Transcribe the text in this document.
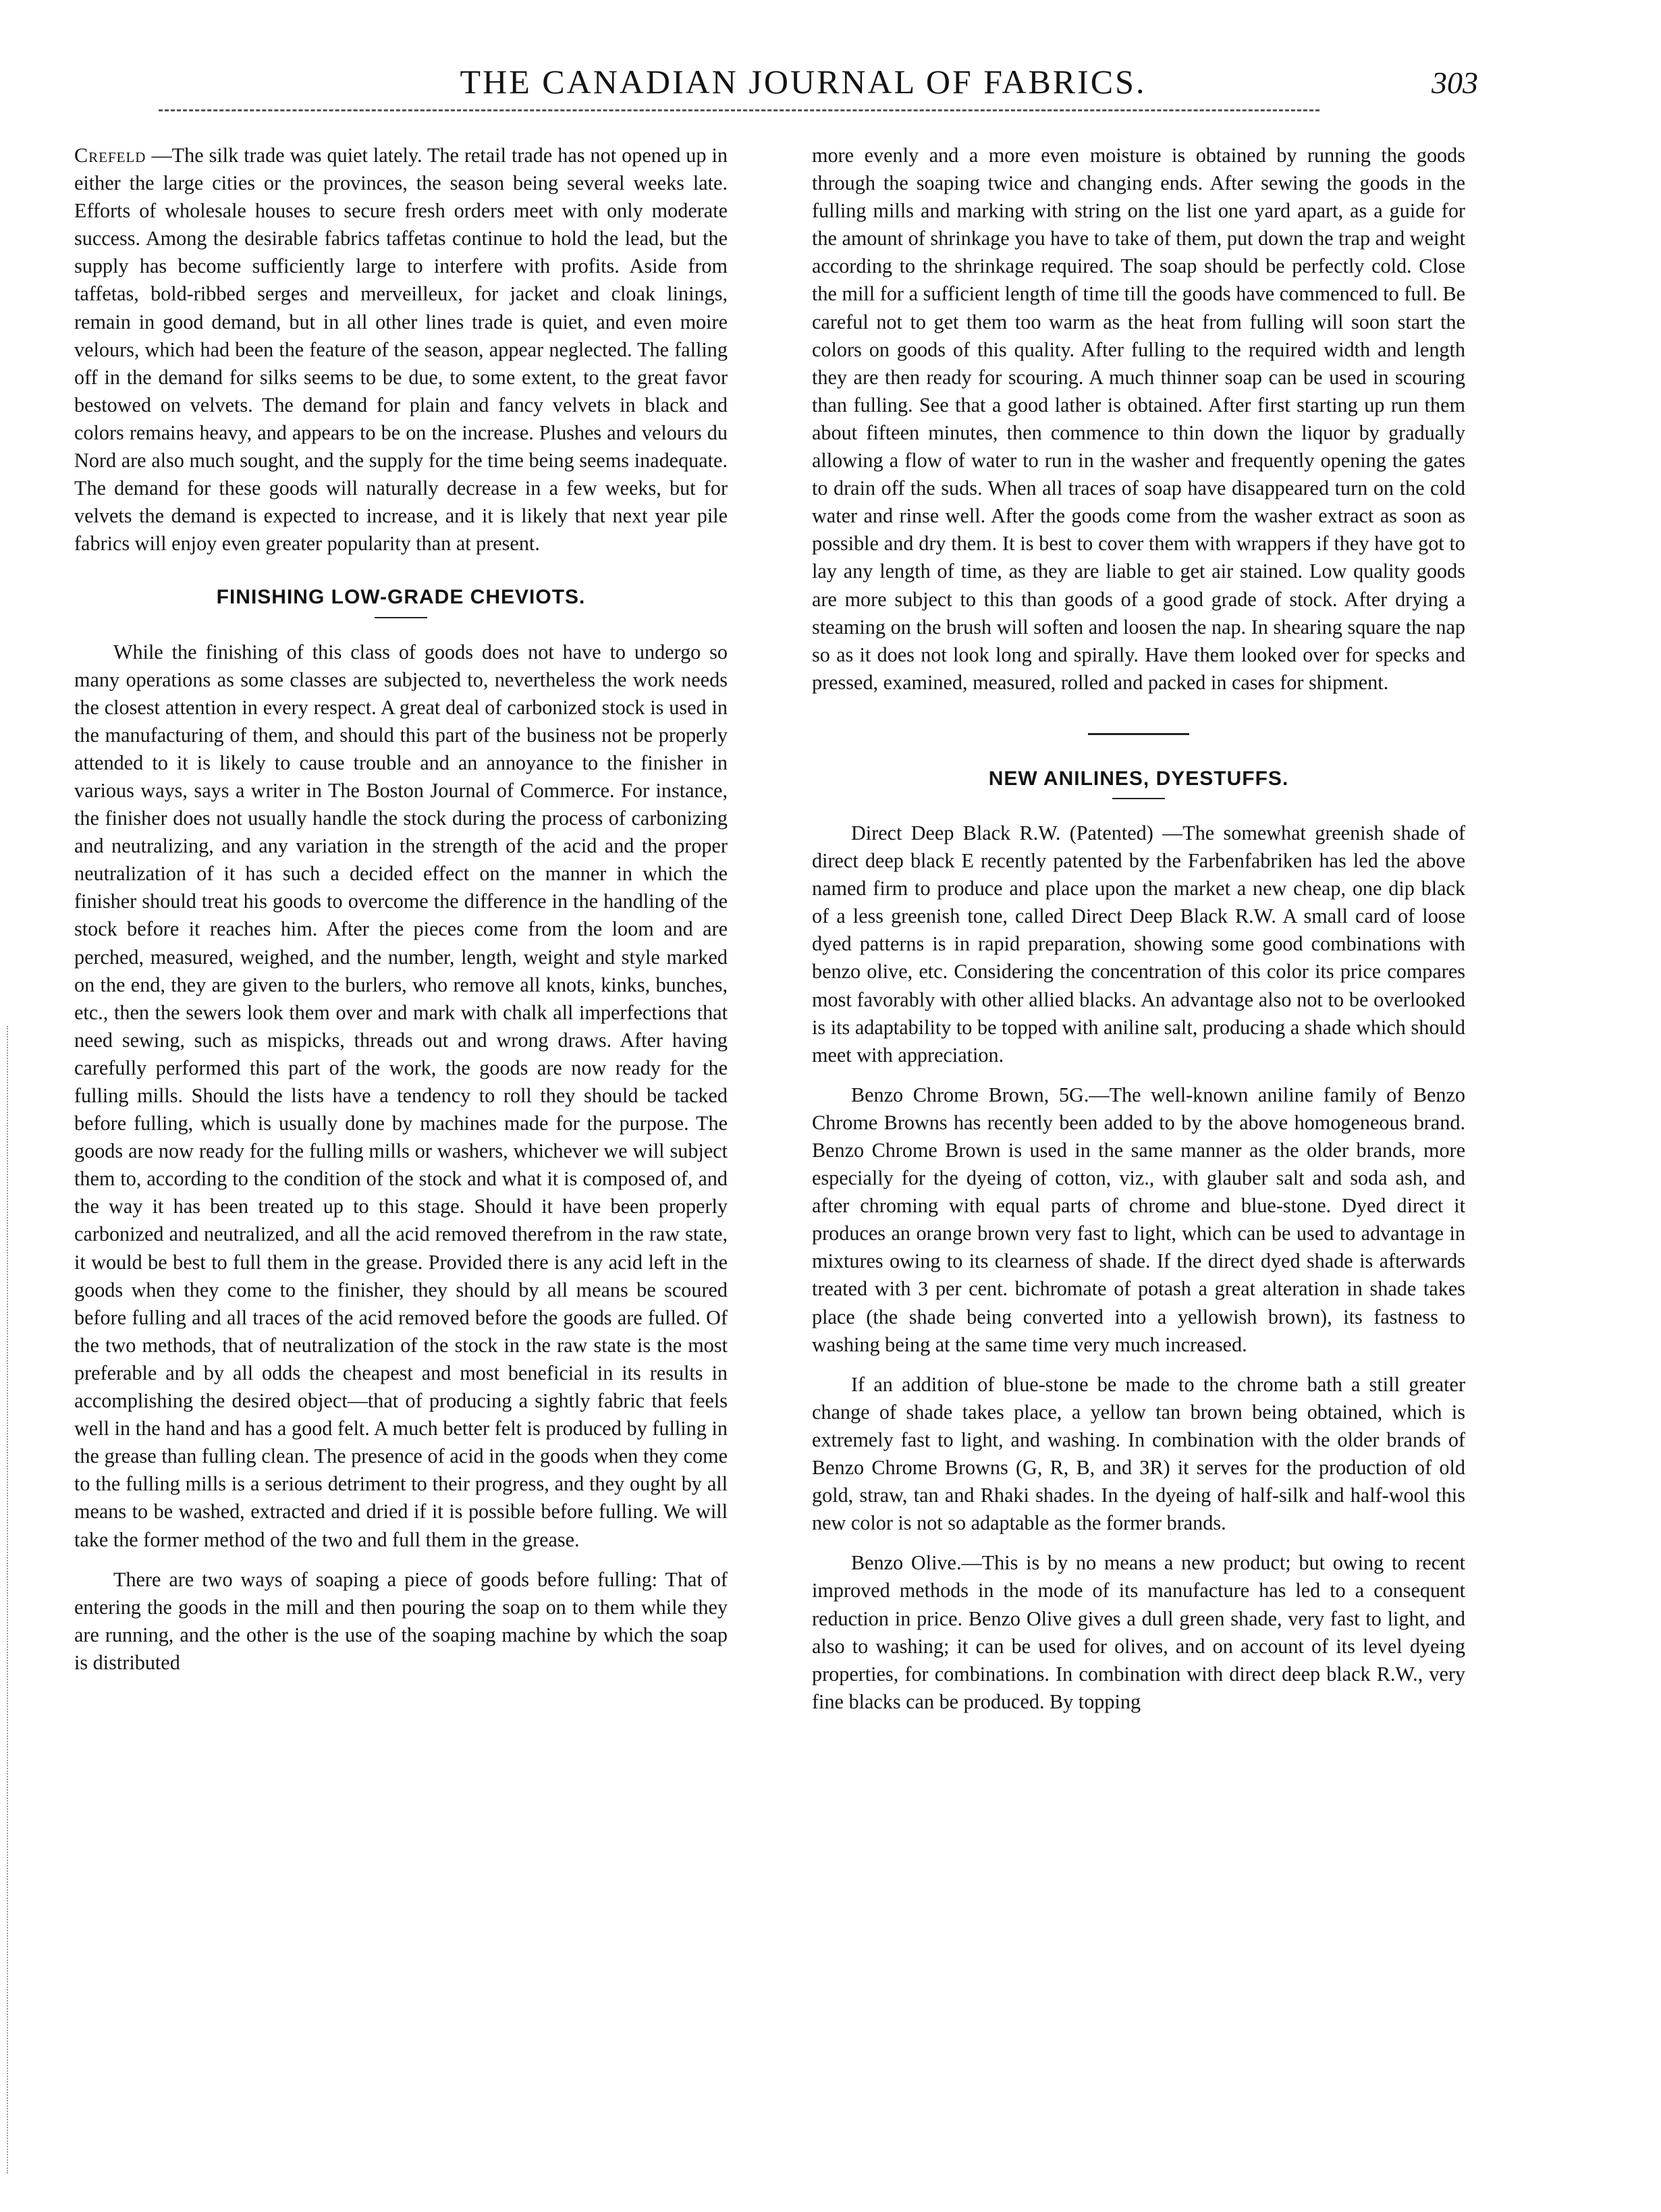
THE CANADIAN JOURNAL OF FABRICS.	303

Crefeld —The silk trade was quiet lately. The retail trade has not opened up in either the large cities or the provinces, the season being several weeks late. Efforts of wholesale houses to secure fresh orders meet with only moderate success. Among the desirable fabrics taffetas continue to hold the lead, but the supply has become sufficiently large to interfere with profits. Aside from taffetas, bold-ribbed serges and merveilleux, for jacket and cloak linings, remain in good demand, but in all other lines trade is quiet, and even moire velours, which had been the feature of the season, appear neglected. The falling off in the demand for silks seems to be due, to some extent, to the great favor bestowed on velvets. The demand for plain and fancy velvets in black and colors remains heavy, and appears to be on the increase. Plushes and velours du Nord are also much sought, and the supply for the time being seems inadequate. The demand for these goods will naturally decrease in a few weeks, but for velvets the demand is expected to increase, and it is likely that next year pile fabrics will enjoy even greater popularity than at present.

FINISHING LOW-GRADE CHEVIOTS.

While the finishing of this class of goods does not have to undergo so many operations as some classes are subjected to, nevertheless the work needs the closest attention in every respect. A great deal of carbonized stock is used in the manufacturing of them, and should this part of the business not be properly attended to it is likely to cause trouble and an annoyance to the finisher in various ways, says a writer in The Boston Journal of Commerce. For instance, the finisher does not usually handle the stock during the process of carbonizing and neutralizing, and any variation in the strength of the acid and the proper neutralization of it has such a decided effect on the manner in which the finisher should treat his goods to overcome the difference in the handling of the stock before it reaches him. After the pieces come from the loom and are perched, measured, weighed, and the number, length, weight and style marked on the end, they are given to the burlers, who remove all knots, kinks, bunches, etc., then the sewers look them over and mark with chalk all imperfections that need sewing, such as mispicks, threads out and wrong draws. After having carefully performed this part of the work, the goods are now ready for the fulling mills. Should the lists have a tendency to roll they should be tacked before fulling, which is usually done by machines made for the purpose. The goods are now ready for the fulling mills or washers, whichever we will subject them to, according to the condition of the stock and what it is composed of, and the way it has been treated up to this stage. Should it have been properly carbonized and neutralized, and all the acid removed therefrom in the raw state, it would be best to full them in the grease. Provided there is any acid left in the goods when they come to the finisher, they should by all means be scoured before fulling and all traces of the acid removed before the goods are fulled. Of the two methods, that of neutralization of the stock in the raw state is the most preferable and by all odds the cheapest and most beneficial in its results in accomplishing the desired object—that of producing a sightly fabric that feels well in the hand and has a good felt. A much better felt is produced by fulling in the grease than fulling clean. The presence of acid in the goods when they come to the fulling mills is a serious detriment to their progress, and they ought by all means to be washed, extracted and dried if it is possible before fulling. We will take the former method of the two and full them in the grease.

There are two ways of soaping a piece of goods before fulling: That of entering the goods in the mill and then pouring the soap on to them while they are running, and the other is the use of the soaping machine by which the soap is distributed

more evenly and a more even moisture is obtained by running the goods through the soaping twice and changing ends. After sewing the goods in the fulling mills and marking with string on the list one yard apart, as a guide for the amount of shrinkage you have to take of them, put down the trap and weight according to the shrinkage required. The soap should be perfectly cold. Close the mill for a sufficient length of time till the goods have commenced to full. Be careful not to get them too warm as the heat from fulling will soon start the colors on goods of this quality. After fulling to the required width and length they are then ready for scouring. A much thinner soap can be used in scouring than fulling. See that a good lather is obtained. After first starting up run them about fifteen minutes, then commence to thin down the liquor by gradually allowing a flow of water to run in the washer and frequently opening the gates to drain off the suds. When all traces of soap have disappeared turn on the cold water and rinse well. After the goods come from the washer extract as soon as possible and dry them. It is best to cover them with wrappers if they have got to lay any length of time, as they are liable to get air stained. Low quality goods are more subject to this than goods of a good grade of stock. After drying a steaming on the brush will soften and loosen the nap. In shearing square the nap so as it does not look long and spirally. Have them looked over for specks and pressed, examined, measured, rolled and packed in cases for shipment.

NEW ANILINES, DYESTUFFS.

Direct Deep Black R.W. (Patented) —The somewhat greenish shade of direct deep black E recently patented by the Farbenfabriken has led the above named firm to produce and place upon the market a new cheap, one dip black of a less greenish tone, called Direct Deep Black R.W. A small card of loose dyed patterns is in rapid preparation, showing some good combinations with benzo olive, etc. Considering the concentration of this color its price compares most favorably with other allied blacks. An advantage also not to be overlooked is its adaptability to be topped with aniline salt, producing a shade which should meet with appreciation.

Benzo Chrome Brown, 5G.—The well-known aniline family of Benzo Chrome Browns has recently been added to by the above homogeneous brand. Benzo Chrome Brown is used in the same manner as the older brands, more especially for the dyeing of cotton, viz., with glauber salt and soda ash, and after chroming with equal parts of chrome and blue-stone. Dyed direct it produces an orange brown very fast to light, which can be used to advantage in mixtures owing to its clearness of shade. If the direct dyed shade is afterwards treated with 3 per cent. bichromate of potash a great alteration in shade takes place (the shade being converted into a yellowish brown), its fastness to washing being at the same time very much increased.

If an addition of blue-stone be made to the chrome bath a still greater change of shade takes place, a yellow tan brown being obtained, which is extremely fast to light, and washing. In combination with the older brands of Benzo Chrome Browns (G, R, B, and 3R) it serves for the production of old gold, straw, tan and Rhaki shades. In the dyeing of half-silk and half-wool this new color is not so adaptable as the former brands.

Benzo Olive.—This is by no means a new product; but owing to recent improved methods in the mode of its manufacture has led to a consequent reduction in price. Benzo Olive gives a dull green shade, very fast to light, and also to washing; it can be used for olives, and on account of its level dyeing properties, for combinations. In combination with direct deep black R.W., very fine blacks can be produced. By topping
